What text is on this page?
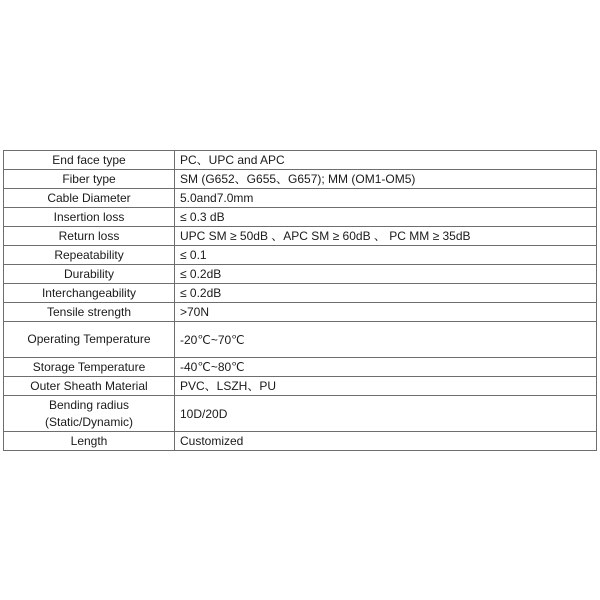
End face type	PC、UPC and APC
Fiber type	SM (G652、G655、G657); MM (OM1-OM5)
Cable Diameter	5.0and7.0mm
Insertion loss	≤ 0.3 dB
Return loss	UPC SM ≥ 50dB 、APC SM ≥ 60dB 、 PC MM ≥ 35dB
Repeatability	≤ 0.1
Durability	≤ 0.2dB
Interchangeability	≤ 0.2dB
Tensile strength	>70N
Operating Temperature	-20℃~70℃
Storage Temperature	-40℃~80℃
Outer Sheath Material	PVC、LSZH、PU

Bending radius
(Static/Dynamic)	10D/20D
Length	Customized
